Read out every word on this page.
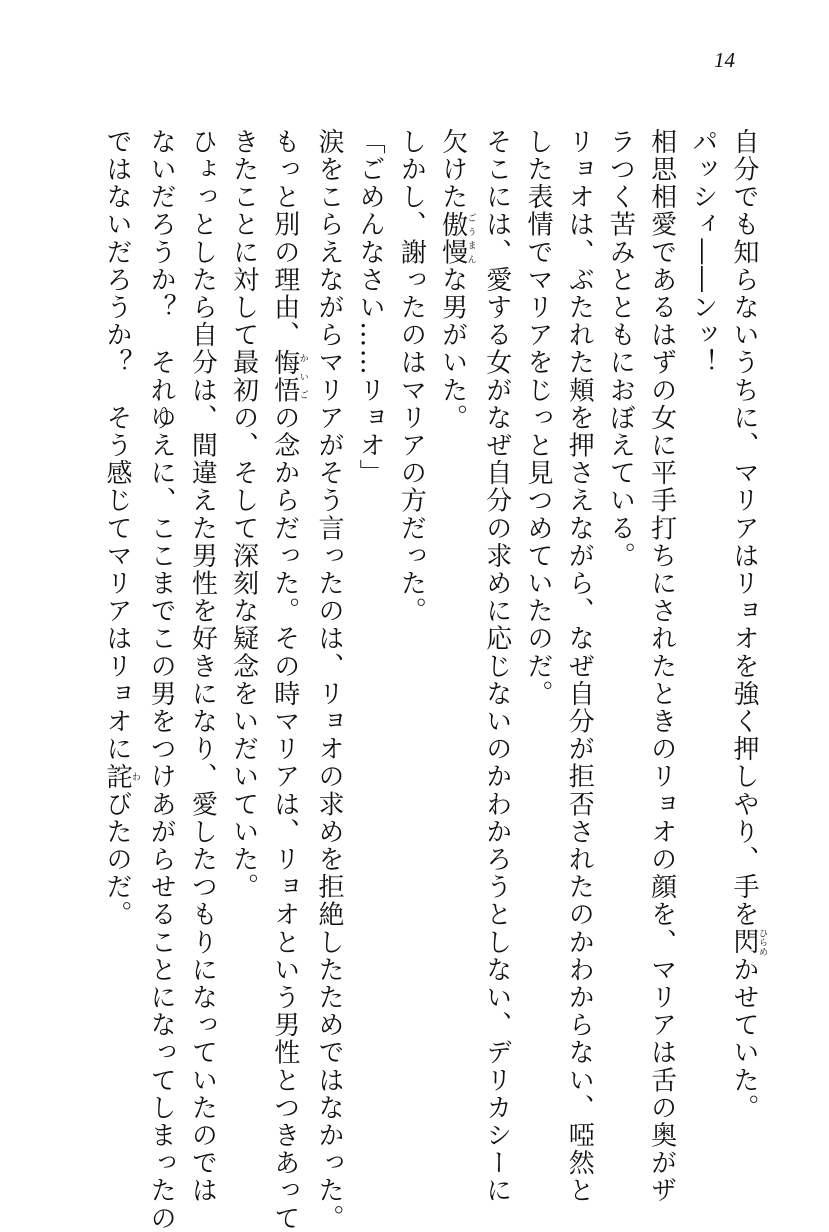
14

自分でも知らないうちに、マリアはリョオを強く押しやり、手を閃ひらめかせていた。

パッシィ――ンッ！

相思相愛であるはずの女に平手打ちにされたときのリョオの顔を、マリアは舌の奥がザ

ラつく苦みとともにおぼえている。

リョオは、ぶたれた頬を押さえながら、なぜ自分が拒否されたのかわからない、啞然と

した表情でマリアをじっと見つめていたのだ。

そこには、愛する女がなぜ自分の求めに応じないのかわかろうとしない、デリカシーに

欠けた傲慢ごうまんな男がいた。

しかし、謝ったのはマリアの方だった。

「ごめんなさい……リョオ」

涙をこらえながらマリアがそう言ったのは、リョオの求めを拒絶したためではなかった。

もっと別の理由、悔悟かいごの念からだった。その時マリアは、リョオという男性とつきあって

きたことに対して最初の、そして深刻な疑念をいだいていた。

ひょっとしたら自分は、間違えた男性を好きになり、愛したつもりになっていたのでは

ないだろうか？　それゆえに、ここまでこの男をつけあがらせることになってしまったの

ではないだろうか？　そう感じてマリアはリョオに詫わびたのだ。
